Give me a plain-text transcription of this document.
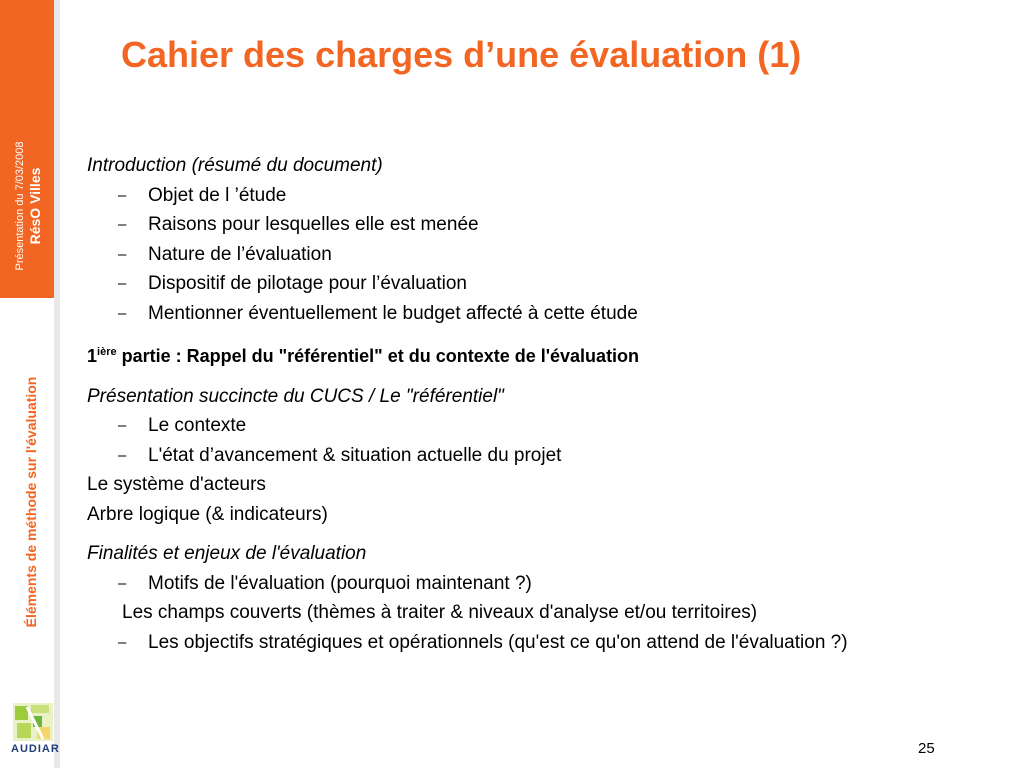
Présentation du 7/03/2008 RésO Villes
Éléments de méthode sur l'évaluation
AUDIAR
Cahier des charges d’une évaluation (1)
Introduction (résumé du document)
– Objet de l ’étude
– Raisons pour lesquelles elle est menée
– Nature de l’évaluation
– Dispositif de pilotage pour l’évaluation
– Mentionner éventuellement le budget affecté à cette étude
$1^{ière}$ partie : Rappel du "référentiel" et du contexte de l'évaluation
Présentation succincte du CUCS / Le "référentiel"
– Le contexte
– L'état d’avancement & situation actuelle du projet
Le système d'acteurs
Arbre logique (& indicateurs)
Finalités et enjeux de l'évaluation
– Motifs de l'évaluation (pourquoi maintenant ?)
Les champs couverts (thèmes à traiter & niveaux d'analyse et/ou territoires)
– Les objectifs stratégiques et opérationnels (qu'est ce qu'on attend de l'évaluation ?)
25
